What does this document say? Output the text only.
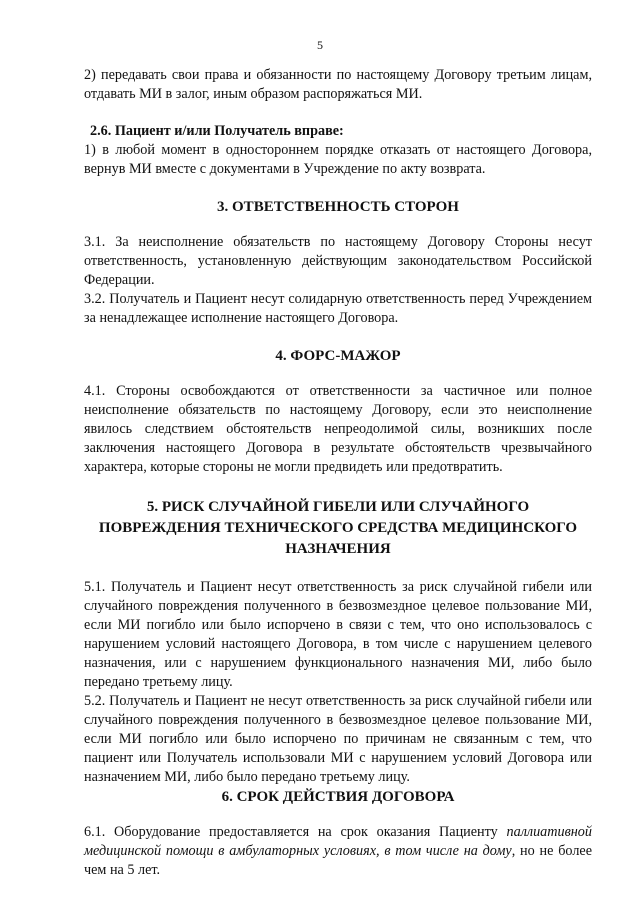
5

2) передавать свои права и обязанности по настоящему Договору третьим лицам, отдавать МИ в залог, иным образом распоряжаться МИ.

2.6. Пациент и/или Получатель вправе:

1) в любой момент в одностороннем порядке отказать от настоящего Договора, вернув МИ вместе с документами в Учреждение по акту возврата.

3. ОТВЕТСТВЕННОСТЬ СТОРОН

3.1. За неисполнение обязательств по настоящему Договору Стороны несут ответственность, установленную действующим законодательством Российской Федерации.

3.2. Получатель и Пациент несут солидарную ответственность перед Учреждением за ненадлежащее исполнение настоящего Договора.

4. ФОРС-МАЖОР

4.1. Стороны освобождаются от ответственности за частичное или полное неисполнение обязательств по настоящему Договору, если это неисполнение явилось следствием обстоятельств непреодолимой силы, возникших после заключения настоящего Договора в результате обстоятельств чрезвычайного характера, которые стороны не могли предвидеть или предотвратить.

5. РИСК СЛУЧАЙНОЙ ГИБЕЛИ ИЛИ СЛУЧАЙНОГО
ПОВРЕЖДЕНИЯ ТЕХНИЧЕСКОГО СРЕДСТВА МЕДИЦИНСКОГО
НАЗНАЧЕНИЯ

5.1. Получатель и Пациент несут ответственность за риск случайной гибели или случайного повреждения полученного в безвозмездное целевое пользование МИ, если МИ погибло или было испорчено в связи с тем, что оно использовалось с нарушением условий настоящего Договора, в том числе с нарушением целевого назначения, или с нарушением функционального назначения МИ, либо было передано третьему лицу.

5.2. Получатель и Пациент не несут ответственность за риск случайной гибели или случайного повреждения полученного в безвозмездное целевое пользование МИ, если МИ погибло или было испорчено по причинам не связанным с тем, что пациент или Получатель использовали МИ с нарушением условий Договора или назначением МИ, либо было передано третьему лицу.

6. СРОК ДЕЙСТВИЯ ДОГОВОРА

6.1. Оборудование предоставляется на срок оказания Пациенту паллиативной медицинской помощи в амбулаторных условиях, в том числе на дому, но не более чем на 5 лет.
